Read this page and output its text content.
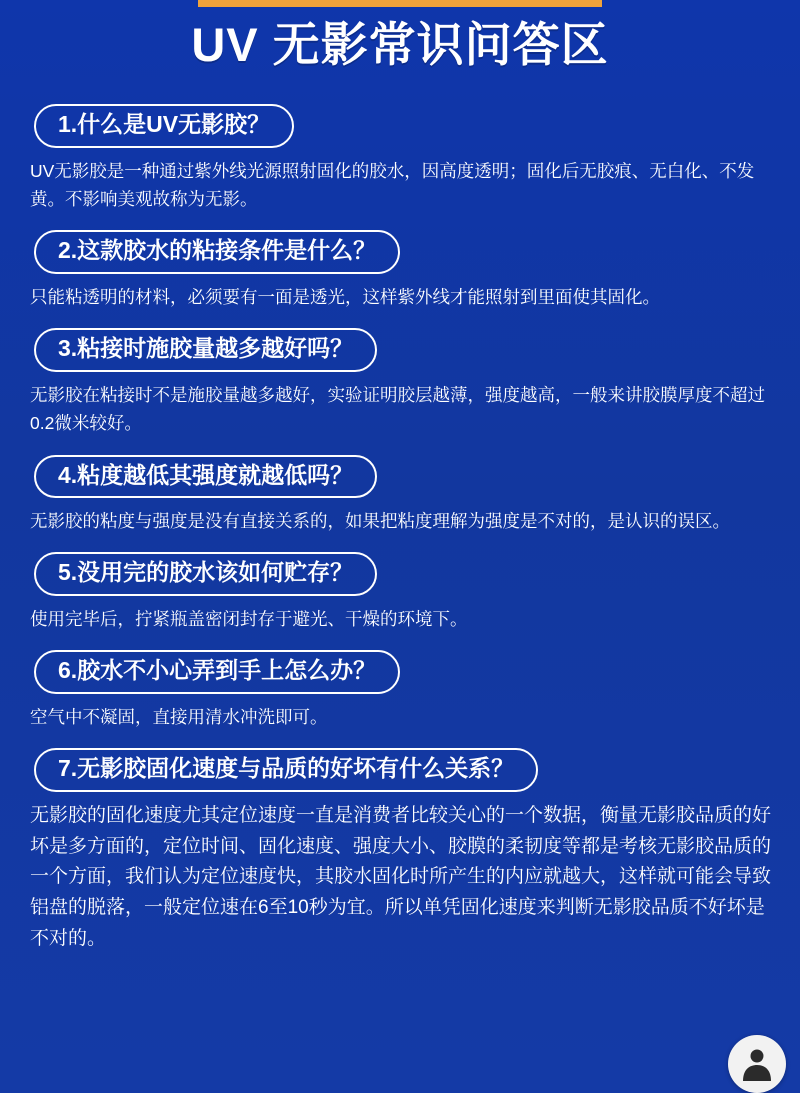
UV 无影常识问答区
1.什么是UV无影胶？
UV无影胶是一种通过紫外线光源照射固化的胶水，因高度透明；固化后无胶痕、无白化、不发黄。不影响美观故称为无影。
2.这款胶水的粘接条件是什么？
只能粘透明的材料，必须要有一面是透光，这样紫外线才能照射到里面使其固化。
3.粘接时施胶量越多越好吗？
无影胶在粘接时不是施胶量越多越好，实验证明胶层越薄，强度越高，一般来讲胶膜厚度不超过0.2微米较好。
4.粘度越低其强度就越低吗？
无影胶的粘度与强度是没有直接关系的，如果把粘度理解为强度是不对的，是认识的误区。
5.没用完的胶水该如何贮存？
使用完毕后，拧紧瓶盖密闭封存于避光、干燥的环境下。
6.胶水不小心弄到手上怎么办？
空气中不凝固，直接用清水冲洗即可。
7.无影胶固化速度与品质的好坏有什么关系？
无影胶的固化速度尤其定位速度一直是消费者比较关心的一个数据，衡量无影胶品质的好坏是多方面的，定位时间、固化速度、强度大小、胶膜的柔韧度等都是考核无影胶品质的一个方面，我们认为定位速度快，其胶水固化时所产生的内应就越大，这样就可能会导致铝盘的脱落，一般定位速在6至10秒为宜。所以单凭固化速度来判断无影胶品质不好坏是不对的。
